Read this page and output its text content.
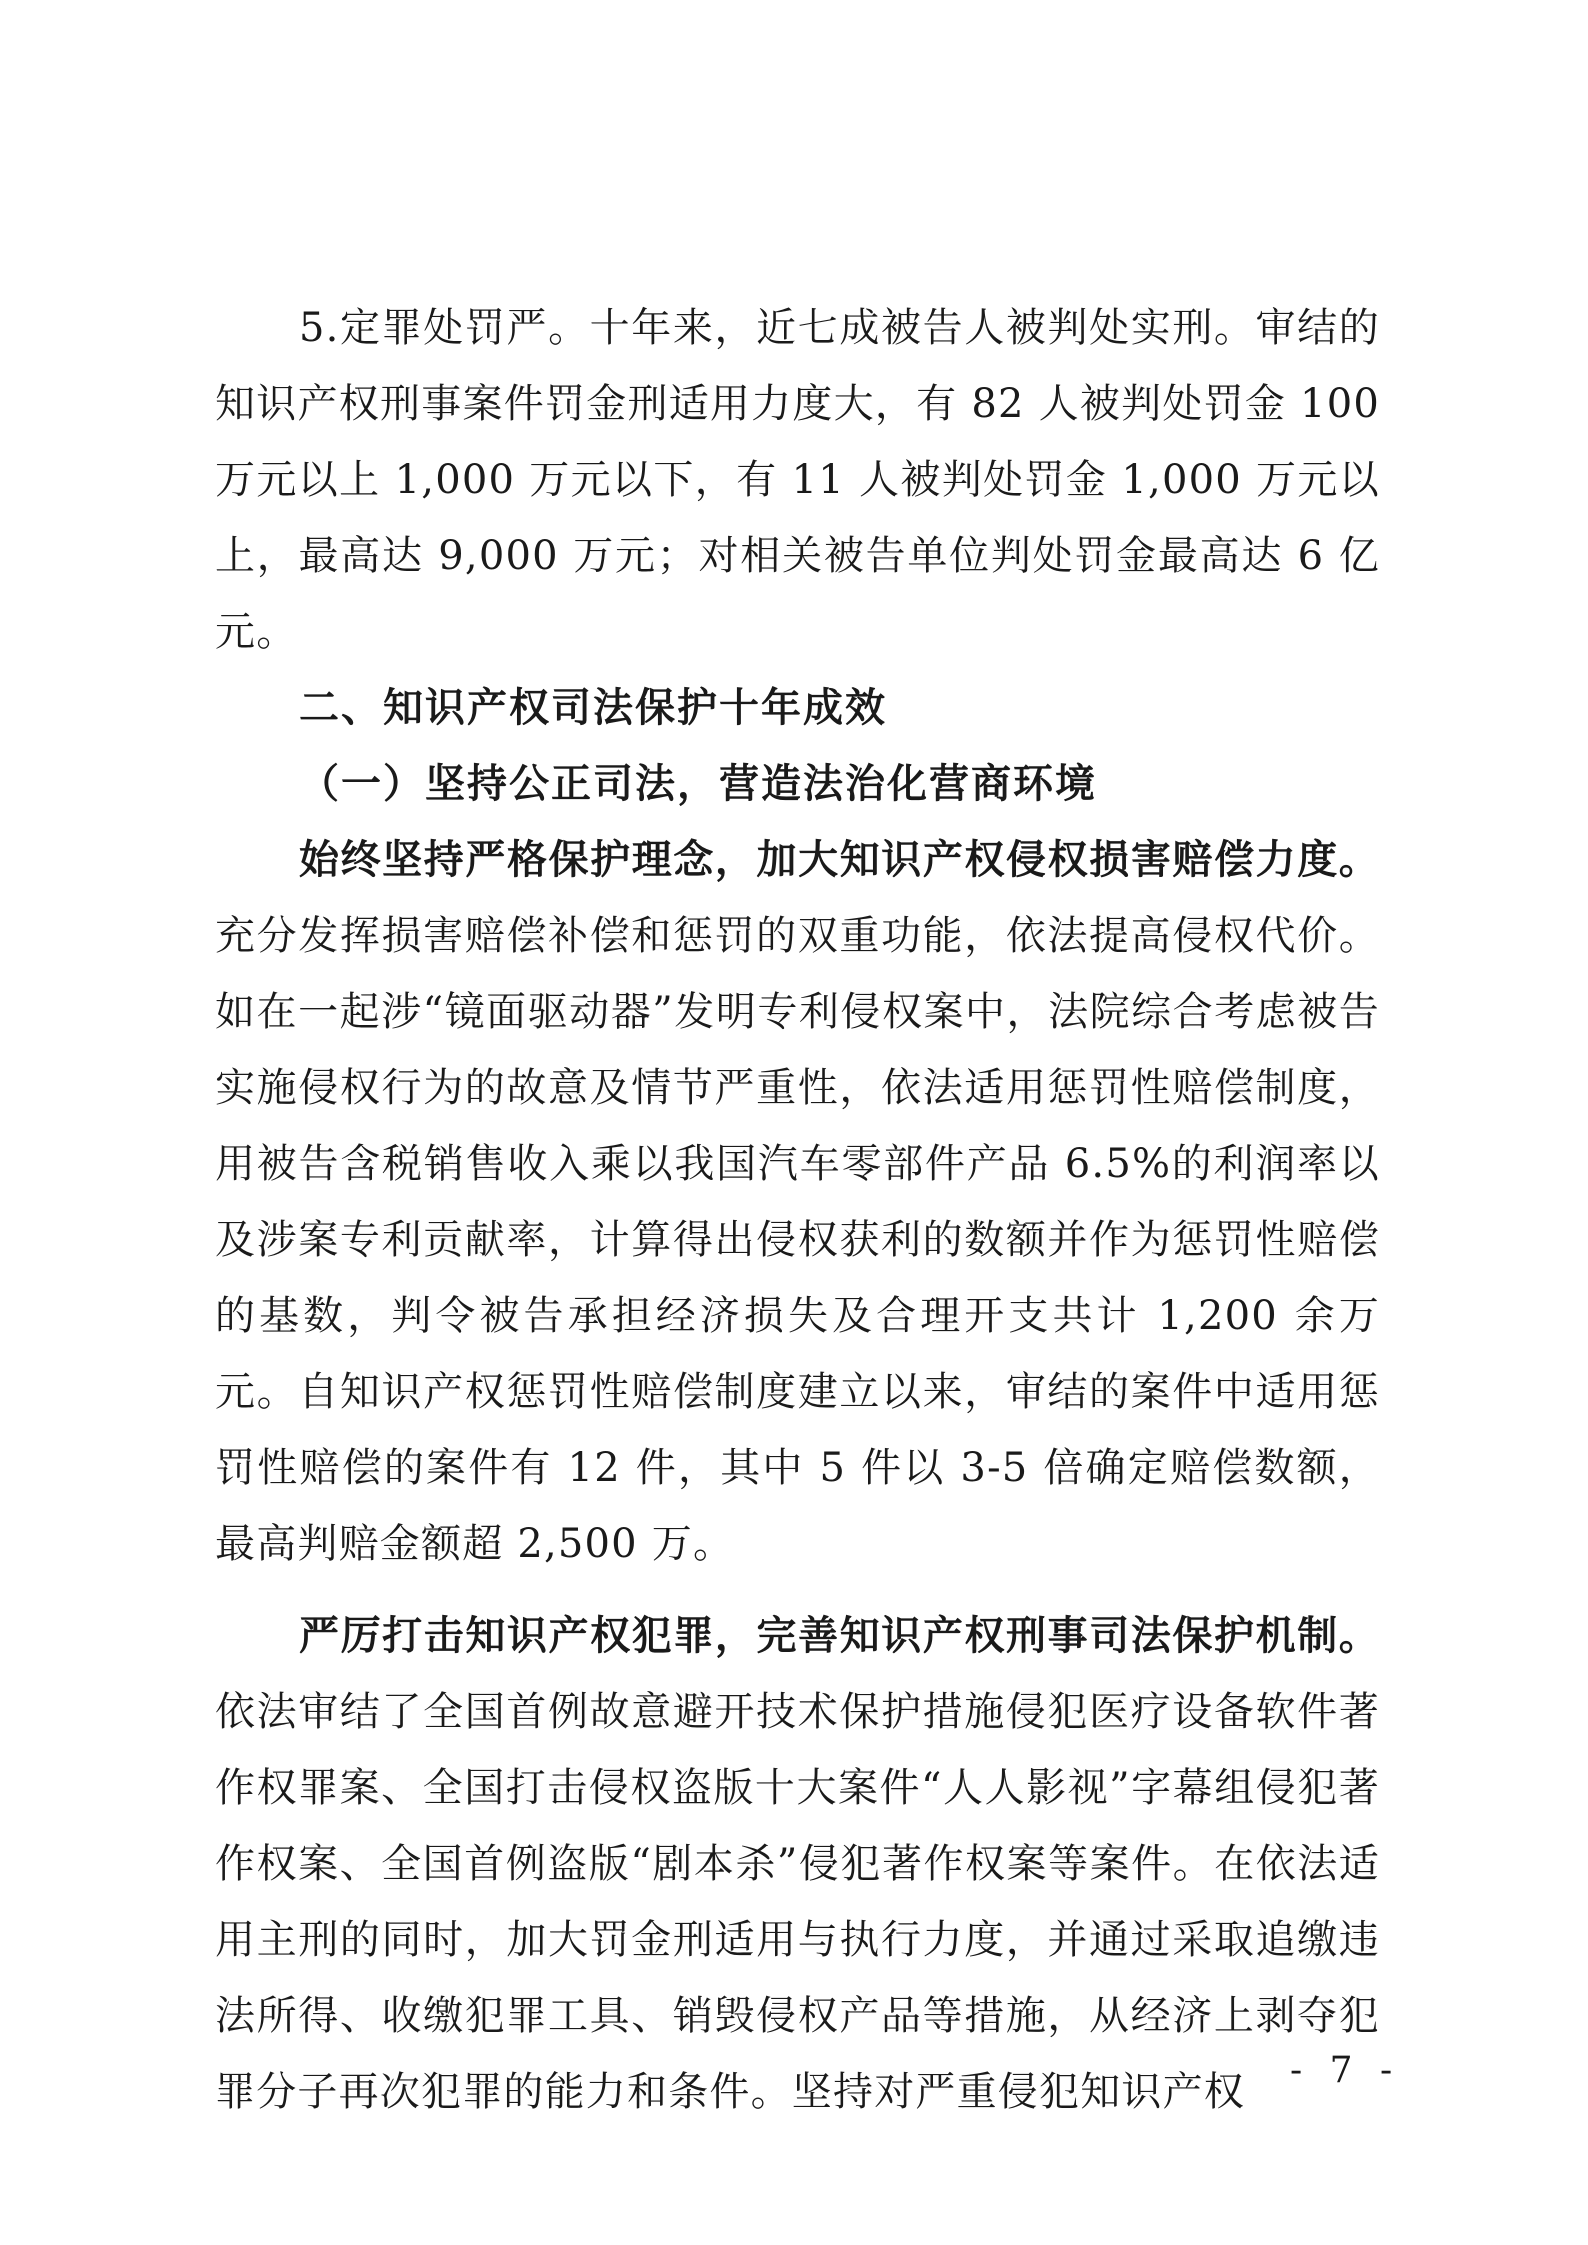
5.定罪处罚严。十年来，近七成被告人被判处实刑。审结的知识产权刑事案件罚金刑适用力度大，有 82 人被判处罚金 100 万元以上 1,000 万元以下，有 11 人被判处罚金 1,000 万元以上，最高达 9,000 万元；对相关被告单位判处罚金最高达 6 亿元。

二、知识产权司法保护十年成效

（一）坚持公正司法，营造法治化营商环境

始终坚持严格保护理念，加大知识产权侵权损害赔偿力度。充分发挥损害赔偿补偿和惩罚的双重功能，依法提高侵权代价。如在一起涉“镜面驱动器”发明专利侵权案中，法院综合考虑被告实施侵权行为的故意及情节严重性，依法适用惩罚性赔偿制度，用被告含税销售收入乘以我国汽车零部件产品 6.5%的利润率以及涉案专利贡献率，计算得出侵权获利的数额并作为惩罚性赔偿的基数，判令被告承担经济损失及合理开支共计 1,200 余万元。自知识产权惩罚性赔偿制度建立以来，审结的案件中适用惩罚性赔偿的案件有 12 件，其中 5 件以 3-5 倍确定赔偿数额，最高判赔金额超 2,500 万。

严厉打击知识产权犯罪，完善知识产权刑事司法保护机制。依法审结了全国首例故意避开技术保护措施侵犯医疗设备软件著作权罪案、全国打击侵权盗版十大案件“人人影视”字幕组侵犯著作权案、全国首例盗版“剧本杀”侵犯著作权案等案件。在依法适用主刑的同时，加大罚金刑适用与执行力度，并通过采取追缴违法所得、收缴犯罪工具、销毁侵权产品等措施，从经济上剥夺犯罪分子再次犯罪的能力和条件。坚持对严重侵犯知识产权	- 7 -
